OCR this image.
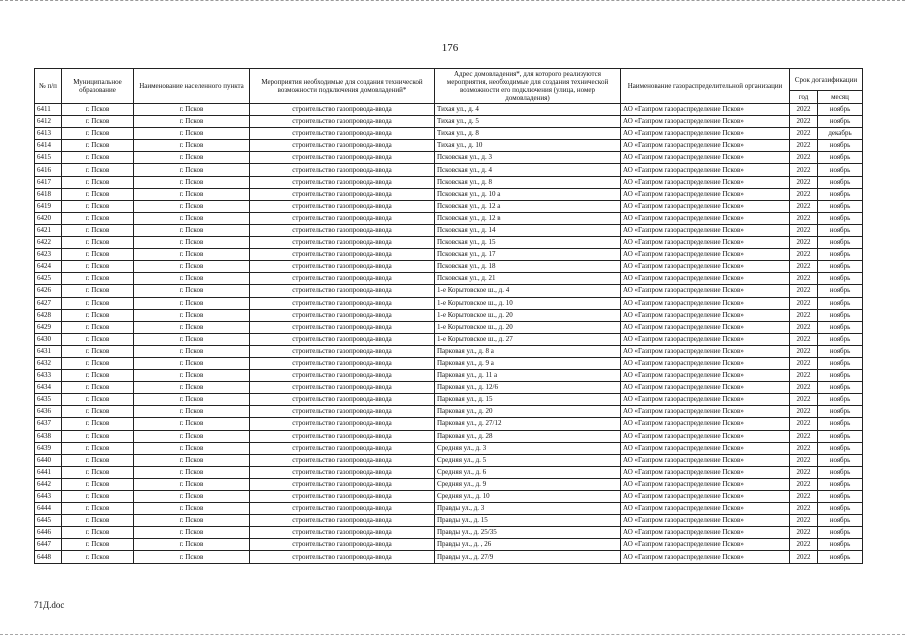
176
№ п/п	Муниципальное образование	Наименование населенного пункта	Мероприятия необходимые для создания технической возможности подключения домовладений*	Адрес домовладения*, для которого реализуются мероприятия, необходимые для создания технической возможности его подключения (улица, номер домовладения)	Наименование газораспределительной организации	Срок догазификации	
						год	месяц
6411	г. Псков	г. Псков	строительство газопровода-ввода	Тихая ул., д. 4	АО «Газпром газораспределение Псков»	2022	ноябрь
6412	г. Псков	г. Псков	строительство газопровода-ввода	Тихая ул., д. 5	АО «Газпром газораспределение Псков»	2022	ноябрь
6413	г. Псков	г. Псков	строительство газопровода-ввода	Тихая ул., д. 8	АО «Газпром газораспределение Псков»	2022	декабрь
6414	г. Псков	г. Псков	строительство газопровода-ввода	Тихая ул., д. 10	АО «Газпром газораспределение Псков»	2022	ноябрь
6415	г. Псков	г. Псков	строительство газопровода-ввода	Псковская ул., д. 3	АО «Газпром газораспределение Псков»	2022	ноябрь
6416	г. Псков	г. Псков	строительство газопровода-ввода	Псковская ул., д. 4	АО «Газпром газораспределение Псков»	2022	ноябрь
6417	г. Псков	г. Псков	строительство газопровода-ввода	Псковская ул., д. 8	АО «Газпром газораспределение Псков»	2022	ноябрь
6418	г. Псков	г. Псков	строительство газопровода-ввода	Псковская ул., д. 10 а	АО «Газпром газораспределение Псков»	2022	ноябрь
6419	г. Псков	г. Псков	строительство газопровода-ввода	Псковская ул., д. 12 а	АО «Газпром газораспределение Псков»	2022	ноябрь
6420	г. Псков	г. Псков	строительство газопровода-ввода	Псковская ул., д. 12 в	АО «Газпром газораспределение Псков»	2022	ноябрь
6421	г. Псков	г. Псков	строительство газопровода-ввода	Псковская ул., д. 14	АО «Газпром газораспределение Псков»	2022	ноябрь
6422	г. Псков	г. Псков	строительство газопровода-ввода	Псковская ул., д. 15	АО «Газпром газораспределение Псков»	2022	ноябрь
6423	г. Псков	г. Псков	строительство газопровода-ввода	Псковская ул., д. 17	АО «Газпром газораспределение Псков»	2022	ноябрь
6424	г. Псков	г. Псков	строительство газопровода-ввода	Псковская ул., д. 18	АО «Газпром газораспределение Псков»	2022	ноябрь
6425	г. Псков	г. Псков	строительство газопровода-ввода	Псковская ул., д. 21	АО «Газпром газораспределение Псков»	2022	ноябрь
6426	г. Псков	г. Псков	строительство газопровода-ввода	1-е Корытовское ш., д. 4	АО «Газпром газораспределение Псков»	2022	ноябрь
6427	г. Псков	г. Псков	строительство газопровода-ввода	1-е Корытовское ш., д. 10	АО «Газпром газораспределение Псков»	2022	ноябрь
6428	г. Псков	г. Псков	строительство газопровода-ввода	1-е Корытовское ш., д. 20	АО «Газпром газораспределение Псков»	2022	ноябрь
6429	г. Псков	г. Псков	строительство газопровода-ввода	1-е Корытовское ш., д. 20	АО «Газпром газораспределение Псков»	2022	ноябрь
6430	г. Псков	г. Псков	строительство газопровода-ввода	1-е Корытовское ш., д. 27	АО «Газпром газораспределение Псков»	2022	ноябрь
6431	г. Псков	г. Псков	строительство газопровода-ввода	Парковая ул., д. 8 а	АО «Газпром газораспределение Псков»	2022	ноябрь
6432	г. Псков	г. Псков	строительство газопровода-ввода	Парковая ул., д. 9 а	АО «Газпром газораспределение Псков»	2022	ноябрь
6433	г. Псков	г. Псков	строительство газопровода-ввода	Парковая ул., д. 11 а	АО «Газпром газораспределение Псков»	2022	ноябрь
6434	г. Псков	г. Псков	строительство газопровода-ввода	Парковая ул., д. 12/6	АО «Газпром газораспределение Псков»	2022	ноябрь
6435	г. Псков	г. Псков	строительство газопровода-ввода	Парковая ул., д. 15	АО «Газпром газораспределение Псков»	2022	ноябрь
6436	г. Псков	г. Псков	строительство газопровода-ввода	Парковая ул., д. 20	АО «Газпром газораспределение Псков»	2022	ноябрь
6437	г. Псков	г. Псков	строительство газопровода-ввода	Парковая ул., д. 27/12	АО «Газпром газораспределение Псков»	2022	ноябрь
6438	г. Псков	г. Псков	строительство газопровода-ввода	Парковая ул., д. 28	АО «Газпром газораспределение Псков»	2022	ноябрь
6439	г. Псков	г. Псков	строительство газопровода-ввода	Средняя ул., д. 3	АО «Газпром газораспределение Псков»	2022	ноябрь
6440	г. Псков	г. Псков	строительство газопровода-ввода	Средняя ул., д. 5	АО «Газпром газораспределение Псков»	2022	ноябрь
6441	г. Псков	г. Псков	строительство газопровода-ввода	Средняя ул., д. 6	АО «Газпром газораспределение Псков»	2022	ноябрь
6442	г. Псков	г. Псков	строительство газопровода-ввода	Средняя ул., д. 9	АО «Газпром газораспределение Псков»	2022	ноябрь
6443	г. Псков	г. Псков	строительство газопровода-ввода	Средняя ул., д. 10	АО «Газпром газораспределение Псков»	2022	ноябрь
6444	г. Псков	г. Псков	строительство газопровода-ввода	Правды ул., д. 3	АО «Газпром газораспределение Псков»	2022	ноябрь
6445	г. Псков	г. Псков	строительство газопровода-ввода	Правды ул., д. 15	АО «Газпром газораспределение Псков»	2022	ноябрь
6446	г. Псков	г. Псков	строительство газопровода-ввода	Правды ул., д. 25/35	АО «Газпром газораспределение Псков»	2022	ноябрь
6447	г. Псков	г. Псков	строительство газопровода-ввода	Правды ул., д. , 26	АО «Газпром газораспределение Псков»	2022	ноябрь
6448	г. Псков	г. Псков	строительство газопровода-ввода	Правды ул., д. 27/9	АО «Газпром газораспределение Псков»	2022	ноябрь
71Д.doc
